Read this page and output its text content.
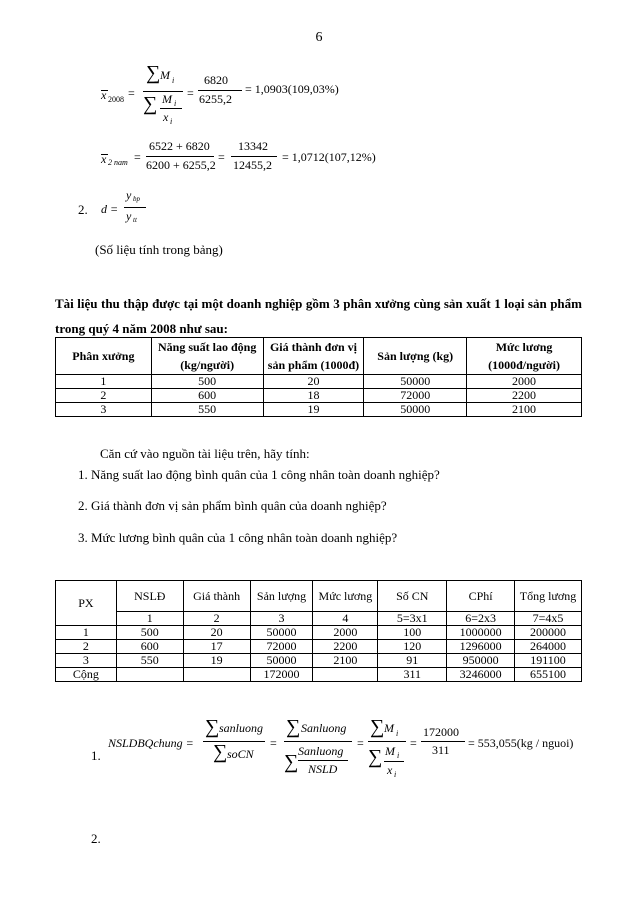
6
x 2008 =
∑ M i
∑ M i
x i
=
6820
6255,2
= 1,0903(109,03%)
x 2 nam =
6522 + 6820
6200 + 6255,2
=
13342
12455,2
= 1,0712(107,12%)
2. d =
y bp
y tt
(Số liệu tính trong bảng)
Tài liệu thu thập được tại một doanh nghiệp gồm 3 phân xưởng cùng sản xuất 1 loại sản phẩm trong quý 4 năm 2008 như sau:
Phân xưởng	Năng suất lao động (kg/người)	Giá thành đơn vị sản phẩm (1000đ)	Sản lượng (kg)	Mức lương (1000đ/người)
1	500	20	50000	2000
2	600	18	72000	2200
3	550	19	50000	2100
Căn cứ vào nguồn tài liệu trên, hãy tính:
1. Năng suất lao động bình quân của 1 công nhân toàn doanh nghiệp?
2. Giá thành đơn vị sản phẩm bình quân của doanh nghiệp?
3. Mức lương bình quân của 1 công nhân toàn doanh nghiệp?
PX	NSLĐ	Giá thành	Sản lượng	Mức lương	Số CN	CPhí	Tổng lương
	1	2	3	4	5=3x1	6=2x3	7=4x5
1	500	20	50000	2000	100	1000000	200000
2	600	17	72000	2200	120	1296000	264000
3	550	19	50000	2100	91	950000	191100
Cộng			172000		311	3246000	655100
1.
NSLDBQchung =
∑ sanluong
∑ soCN
=
∑ Sanluong
∑ Sanluong
NSLD
=
∑ M i
∑ M i
x i
=
172000
311 = 553,055(kg / nguoi)
2.
